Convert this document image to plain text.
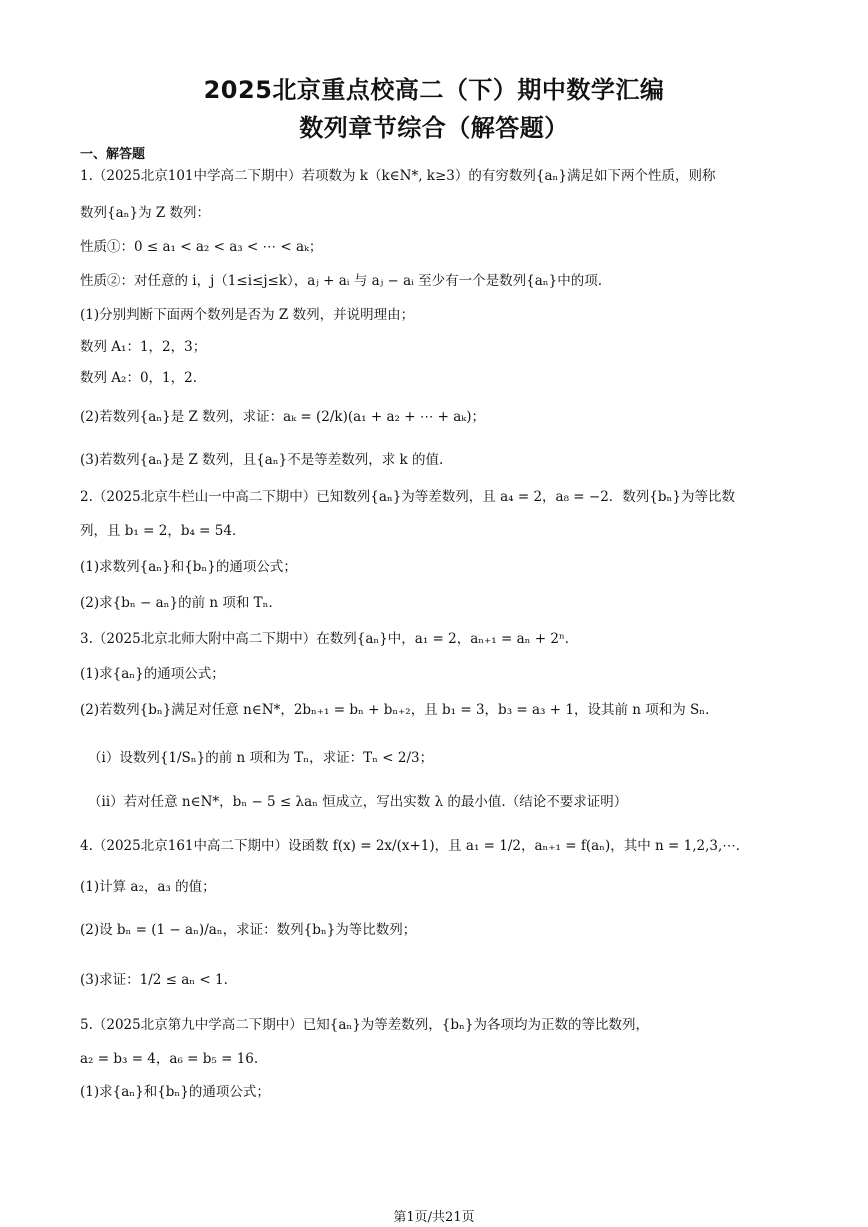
2025北京重点校高二（下）期中数学汇编
数列章节综合（解答题）
一、解答题
1.（2025北京101中学高二下期中）若项数为 k（k∈N*, k≥3）的有穷数列{aₙ}满足如下两个性质，则称
数列{aₙ}为 Z 数列：
性质①：0 ≤ a₁ < a₂ < a₃ < ⋯ < aₖ；
性质②：对任意的 i，j（1≤i≤j≤k），aⱼ + aᵢ 与 aⱼ − aᵢ 至少有一个是数列{aₙ}中的项.
(1)分别判断下面两个数列是否为 Z 数列，并说明理由；
数列 A₁：1，2，3；
数列 A₂：0，1，2.
(2)若数列{aₙ}是 Z 数列，求证：aₖ = (2/k)(a₁ + a₂ + ⋯ + aₖ)；
(3)若数列{aₙ}是 Z 数列，且{aₙ}不是等差数列，求 k 的值.
2.（2025北京牛栏山一中高二下期中）已知数列{aₙ}为等差数列，且 a₄ = 2，a₈ = −2．数列{bₙ}为等比数
列，且 b₁ = 2，b₄ = 54．
(1)求数列{aₙ}和{bₙ}的通项公式；
(2)求{bₙ − aₙ}的前 n 项和 Tₙ．
3.（2025北京北师大附中高二下期中）在数列{aₙ}中，a₁ = 2，aₙ₊₁ = aₙ + 2ⁿ．
(1)求{aₙ}的通项公式；
(2)若数列{bₙ}满足对任意 n∈N*，2bₙ₊₁ = bₙ + bₙ₊₂，且 b₁ = 3，b₃ = a₃ + 1，设其前 n 项和为 Sₙ．
（ⅰ）设数列{1/Sₙ}的前 n 项和为 Tₙ，求证：Tₙ < 2/3；
（ⅱ）若对任意 n∈N*，bₙ − 5 ≤ λaₙ 恒成立，写出实数 λ 的最小值.（结论不要求证明）
4.（2025北京161中高二下期中）设函数 f(x) = 2x/(x+1)，且 a₁ = 1/2，aₙ₊₁ = f(aₙ)，其中 n = 1,2,3,⋯．
(1)计算 a₂，a₃ 的值；
(2)设 bₙ = (1 − aₙ)/aₙ，求证：数列{bₙ}为等比数列；
(3)求证：1/2 ≤ aₙ < 1.
5.（2025北京第九中学高二下期中）已知{aₙ}为等差数列，{bₙ}为各项均为正数的等比数列，
a₂ = b₃ = 4，a₆ = b₅ = 16.
(1)求{aₙ}和{bₙ}的通项公式；
第1页/共21页
